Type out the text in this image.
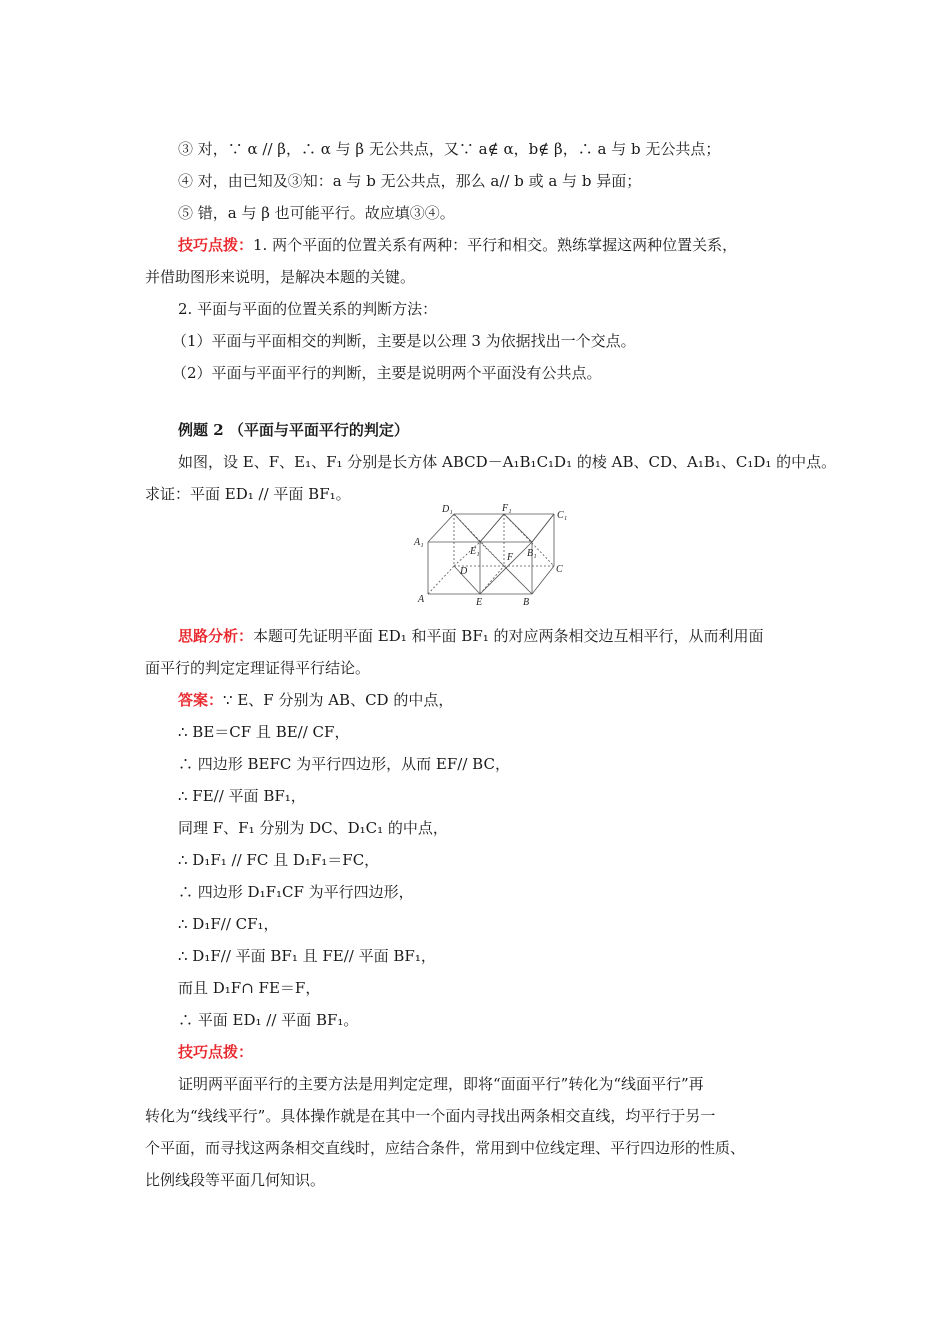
③ 对，∵ α // β，∴ α 与 β 无公共点，又∵ a∉ α，b∉ β，∴ a 与 b 无公共点；
④ 对，由已知及③知：a 与 b 无公共点，那么 a// b 或 a 与 b 异面；
⑤ 错，a 与 β 也可能平行。故应填③④。
技巧点拨：1. 两个平面的位置关系有两种：平行和相交。熟练掌握这两种位置关系，
并借助图形来说明，是解决本题的关键。
2. 平面与平面的位置关系的判断方法：
（1）平面与平面相交的判断，主要是以公理 3 为依据找出一个交点。
（2）平面与平面平行的判断，主要是说明两个平面没有公共点。
例题 2 （平面与平面平行的判定）
如图，设 E、F、E₁、F₁ 分别是长方体 ABCD－A₁B₁C₁D₁ 的棱 AB、CD、A₁B₁、C₁D₁ 的中点。
求证：平面 ED₁ // 平面 BF₁。
D₁	F₁
C₁
A₁
E₁
F B₁
D	C
A	E	B
思路分析：本题可先证明平面 ED₁ 和平面 BF₁ 的对应两条相交边互相平行，从而利用面
面平行的判定定理证得平行结论。
答案：∵ E、F 分别为 AB、CD 的中点，
∴ BE＝CF 且 BE// CF，
∴ 四边形 BEFC 为平行四边形，从而 EF// BC，
∴ FE// 平面 BF₁，
同理 F、F₁ 分别为 DC、D₁C₁ 的中点，
∴ D₁F₁ // FC 且 D₁F₁＝FC，
∴ 四边形 D₁F₁CF 为平行四边形，
∴ D₁F// CF₁，
∴ D₁F// 平面 BF₁ 且 FE// 平面 BF₁，
而且 D₁F∩ FE＝F，
∴ 平面 ED₁ // 平面 BF₁。
技巧点拨：
证明两平面平行的主要方法是用判定定理，即将“面面平行”转化为“线面平行”再
转化为“线线平行”。具体操作就是在其中一个面内寻找出两条相交直线，均平行于另一
个平面，而寻找这两条相交直线时，应结合条件，常用到中位线定理、平行四边形的性质、
比例线段等平面几何知识。
